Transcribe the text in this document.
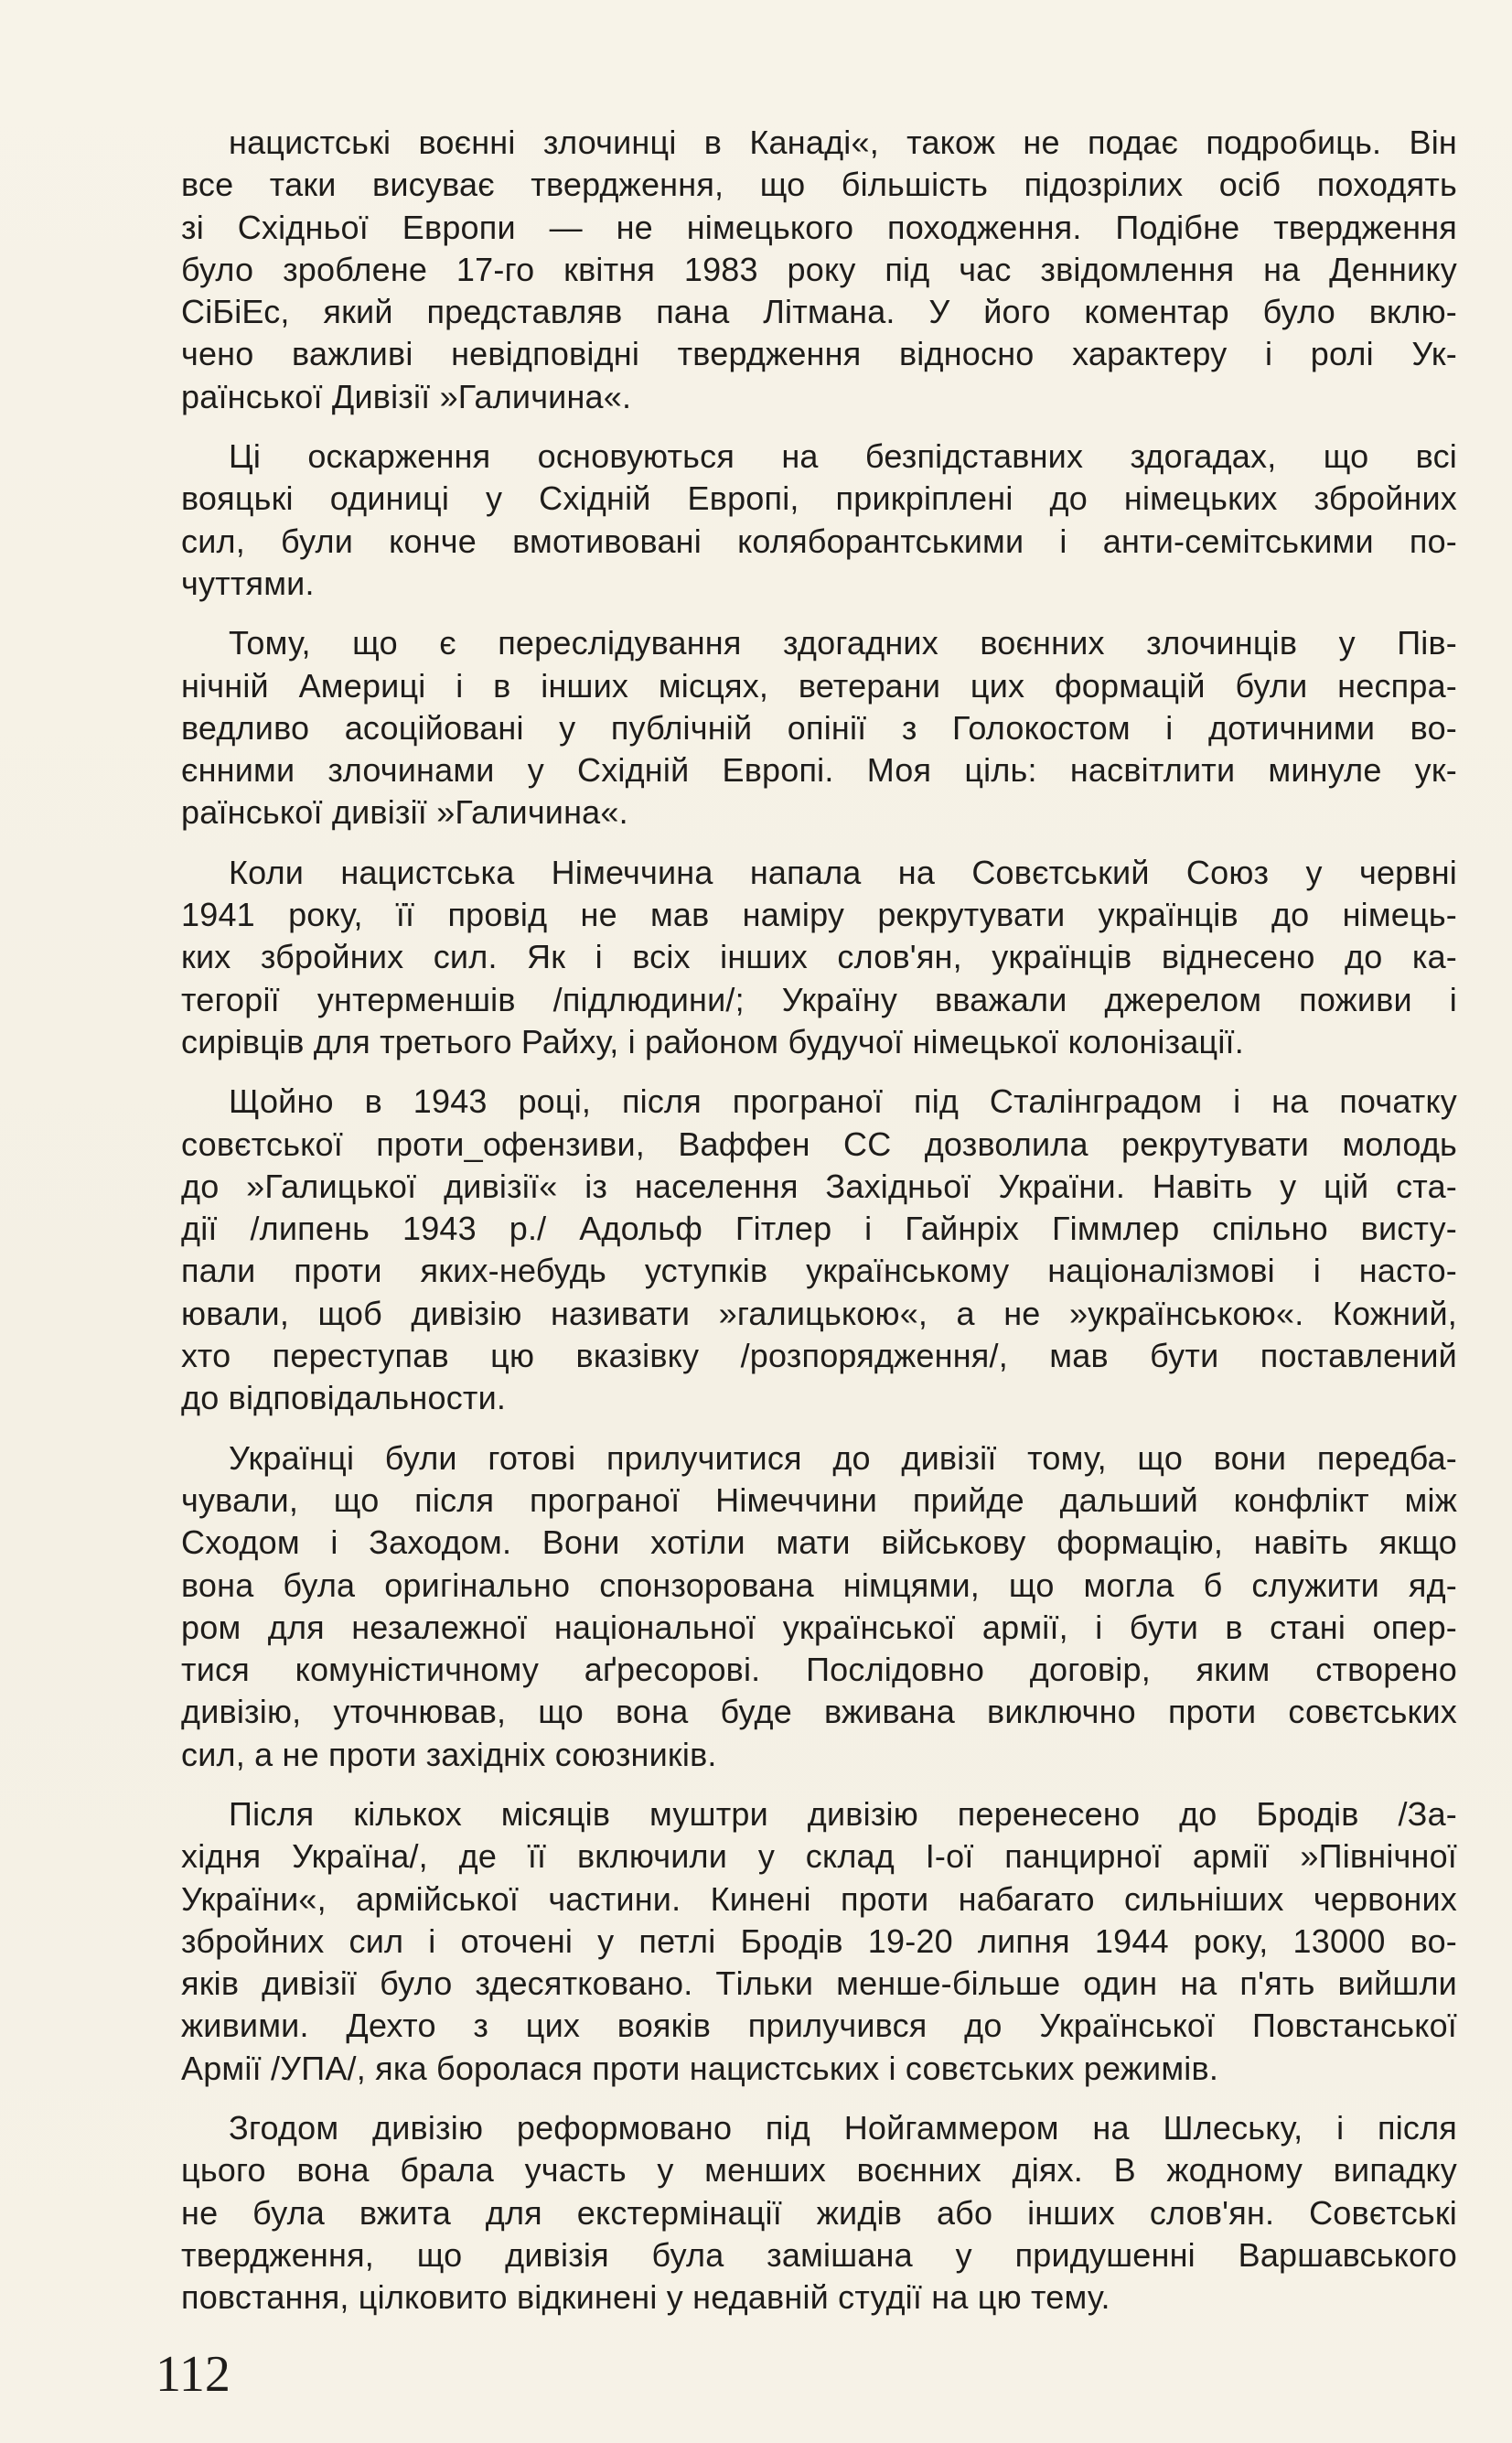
нацистські воєнні злочинці в Канаді«, також не подає подробиць. Він
все таки висуває твердження, що більшість підозрілих осіб походять
зі Східньої Европи — не німецького походження. Подібне твердження
було зроблене 17-го квітня 1983 року під час звідомлення на Деннику
СіБіЕс, який представляв пана Літмана. У його коментар було вклю-
чено важливі невідповідні твердження відносно характеру і ролі Ук-
раїнської Дивізії »Галичина«.
Ці оскарження основуються на безпідставних здогадах, що всі
вояцькі одиниці у Східній Европі, прикріплені до німецьких збройних
сил, були конче вмотивовані коляборантськими і анти-семітськими по-
чуттями.
Тому, що є переслідування здогадних воєнних злочинців у Пів-
нічній Америці і в інших місцях, ветерани цих формацій були неспра-
ведливо асоційовані у публічній опінії з Голокостом і дотичними во-
єнними злочинами у Східній Европі. Моя ціль: насвітлити минуле ук-
раїнської дивізії »Галичина«.
Коли нацистська Німеччина напала на Совєтський Союз у червні
1941 року, її провід не мав наміру рекрутувати українців до німець-
ких збройних сил. Як і всіх інших слов'ян, українців віднесено до ка-
тегорії унтерменшів /підлюдини/; Україну вважали джерелом поживи і
сирівців для третього Райху, і районом будучої німецької колонізації.
Щойно в 1943 році, після програної під Сталінградом і на початку
совєтської проти_офензиви, Ваффен СС дозволила рекрутувати молодь
до »Галицької дивізії« із населення Західньої України. Навіть у цій ста-
дії /липень 1943 р./ Адольф Гітлер і Гайнріх Гіммлер спільно висту-
пали проти яких-небудь уступків українському націоналізмові і насто-
ювали, щоб дивізію називати »галицькою«, а не »українською«. Кожний,
хто переступав цю вказівку /розпорядження/, мав бути поставлений
до відповідальности.
Українці були готові прилучитися до дивізії тому, що вони передба-
чували, що після програної Німеччини прийде дальший конфлікт між
Сходом і Заходом. Вони хотіли мати військову формацію, навіть якщо
вона була оригінально спонзорована німцями, що могла б служити яд-
ром для незалежної національної української армії, і бути в стані опер-
тися комуністичному аґресорові. Послідовно договір, яким створено
дивізію, уточнював, що вона буде вживана виключно проти совєтських
сил, а не проти західніх союзників.
Після кількох місяців муштри дивізію перенесено до Бродів /За-
хідня Україна/, де її включили у склад І-ої панцирної армії »Північної
України«, армійської частини. Кинені проти набагато сильніших червоних
збройних сил і оточені у петлі Бродів 19-20 липня 1944 року, 13000 во-
яків дивізії було здесятковано. Тільки менше-більше один на п'ять вийшли
живими. Дехто з цих вояків прилучився до Української Повстанської
Армії /УПА/, яка боролася проти нацистських і совєтських режимів.
Згодом дивізію реформовано під Нойгаммером на Шлеську, і після
цього вона брала участь у менших воєнних діях. В жодному випадку
не була вжита для екстермінації жидів або інших слов'ян. Совєтські
твердження, що дивізія була замішана у придушенні Варшавського
повстання, цілковито відкинені у недавній студії на цю тему.
112
